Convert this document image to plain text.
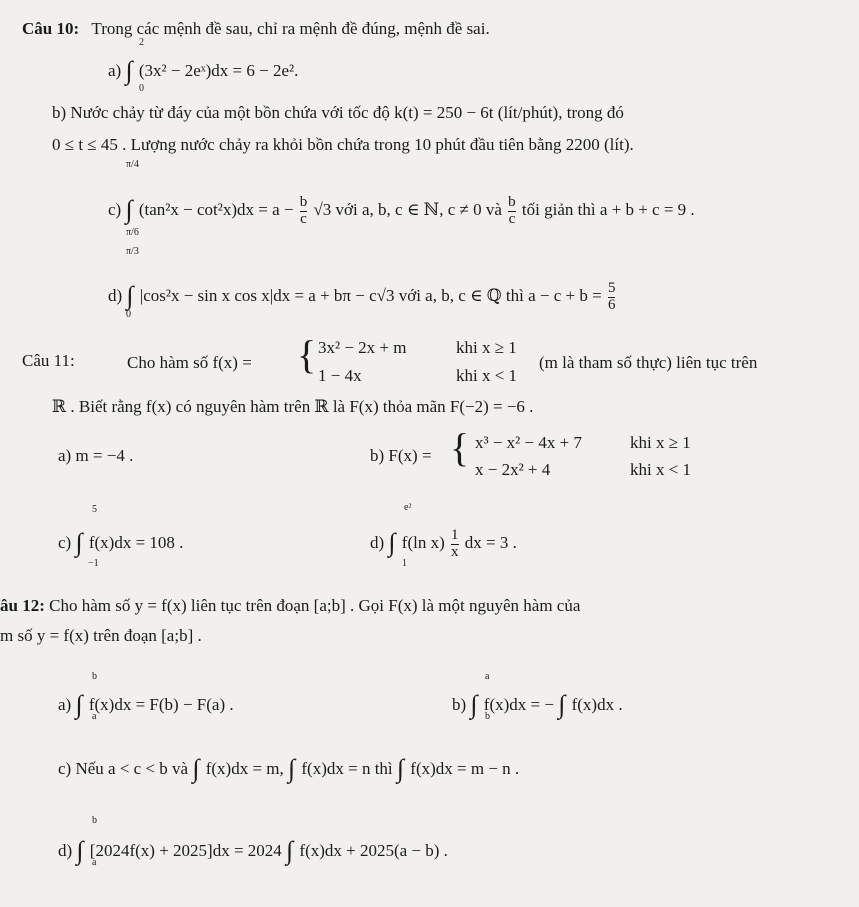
Câu 10: Trong các mệnh đề sau, chỉ ra mệnh đề đúng, mệnh đề sai.
a) ∫ (3x² − 2eˣ)dx = 6 − 2e².
2
0
b) Nước chảy từ đáy của một bồn chứa với tốc độ k(t) = 250 − 6t (lít/phút), trong đó
0 ≤ t ≤ 45 . Lượng nước chảy ra khỏi bồn chứa trong 10 phút đầu tiên bằng 2200 (lít).
π/4
c) ∫ $(\tan^2x - \cot^2x)dx = a - \frac{b}{c} √3$ với a, b, c ∈ ℕ, c ≠ 0 và $\frac{b}{c}$ tối giản thì a + b + c = 9 .
π/6
π/3
d) ∫ |cos²x − sin x cos x|dx = a + bπ − c√3 với a, b, c ∈ ℚ thì $a - c + b = \frac{5}{6}$
0
Câu 11:	Cho hàm số f(x) = { 3x² − 2x + m	khi x ≥ 1
1 − 4x	khi x < 1
(m là tham số thực) liên tục trên
ℝ . Biết rằng f(x) có nguyên hàm trên ℝ là F(x) thỏa mãn F(−2) = −6 .
a) m = −4 .	b) F(x) = { x³ − x² − 4x + 7	khi x ≥ 1
x − 2x² + 4	khi x < 1
5
c) ∫ f(x)dx = 108 .
−1
e²
d) ∫ f(ln $x) \frac{1}{x}$ dx = 3 .
1
âu 12: Cho hàm số y = f(x) liên tục trên đoạn [a;b] . Gọi F(x) là một nguyên hàm của
m số y = f(x) trên đoạn [a;b] .
b
a) ∫ f(x)dx = F(b) − F(a) .
a
a
b) ∫ f(x)dx = − ∫ f(x)dx .
b
c) Nếu a < c < b và ∫ f(x)dx = m, ∫ f(x)dx = n thì ∫ f(x)dx = m − n .
b
d) ∫ [2024f(x) + 2025]dx = 2024 ∫ f(x)dx + 2025(a − b) .
a
